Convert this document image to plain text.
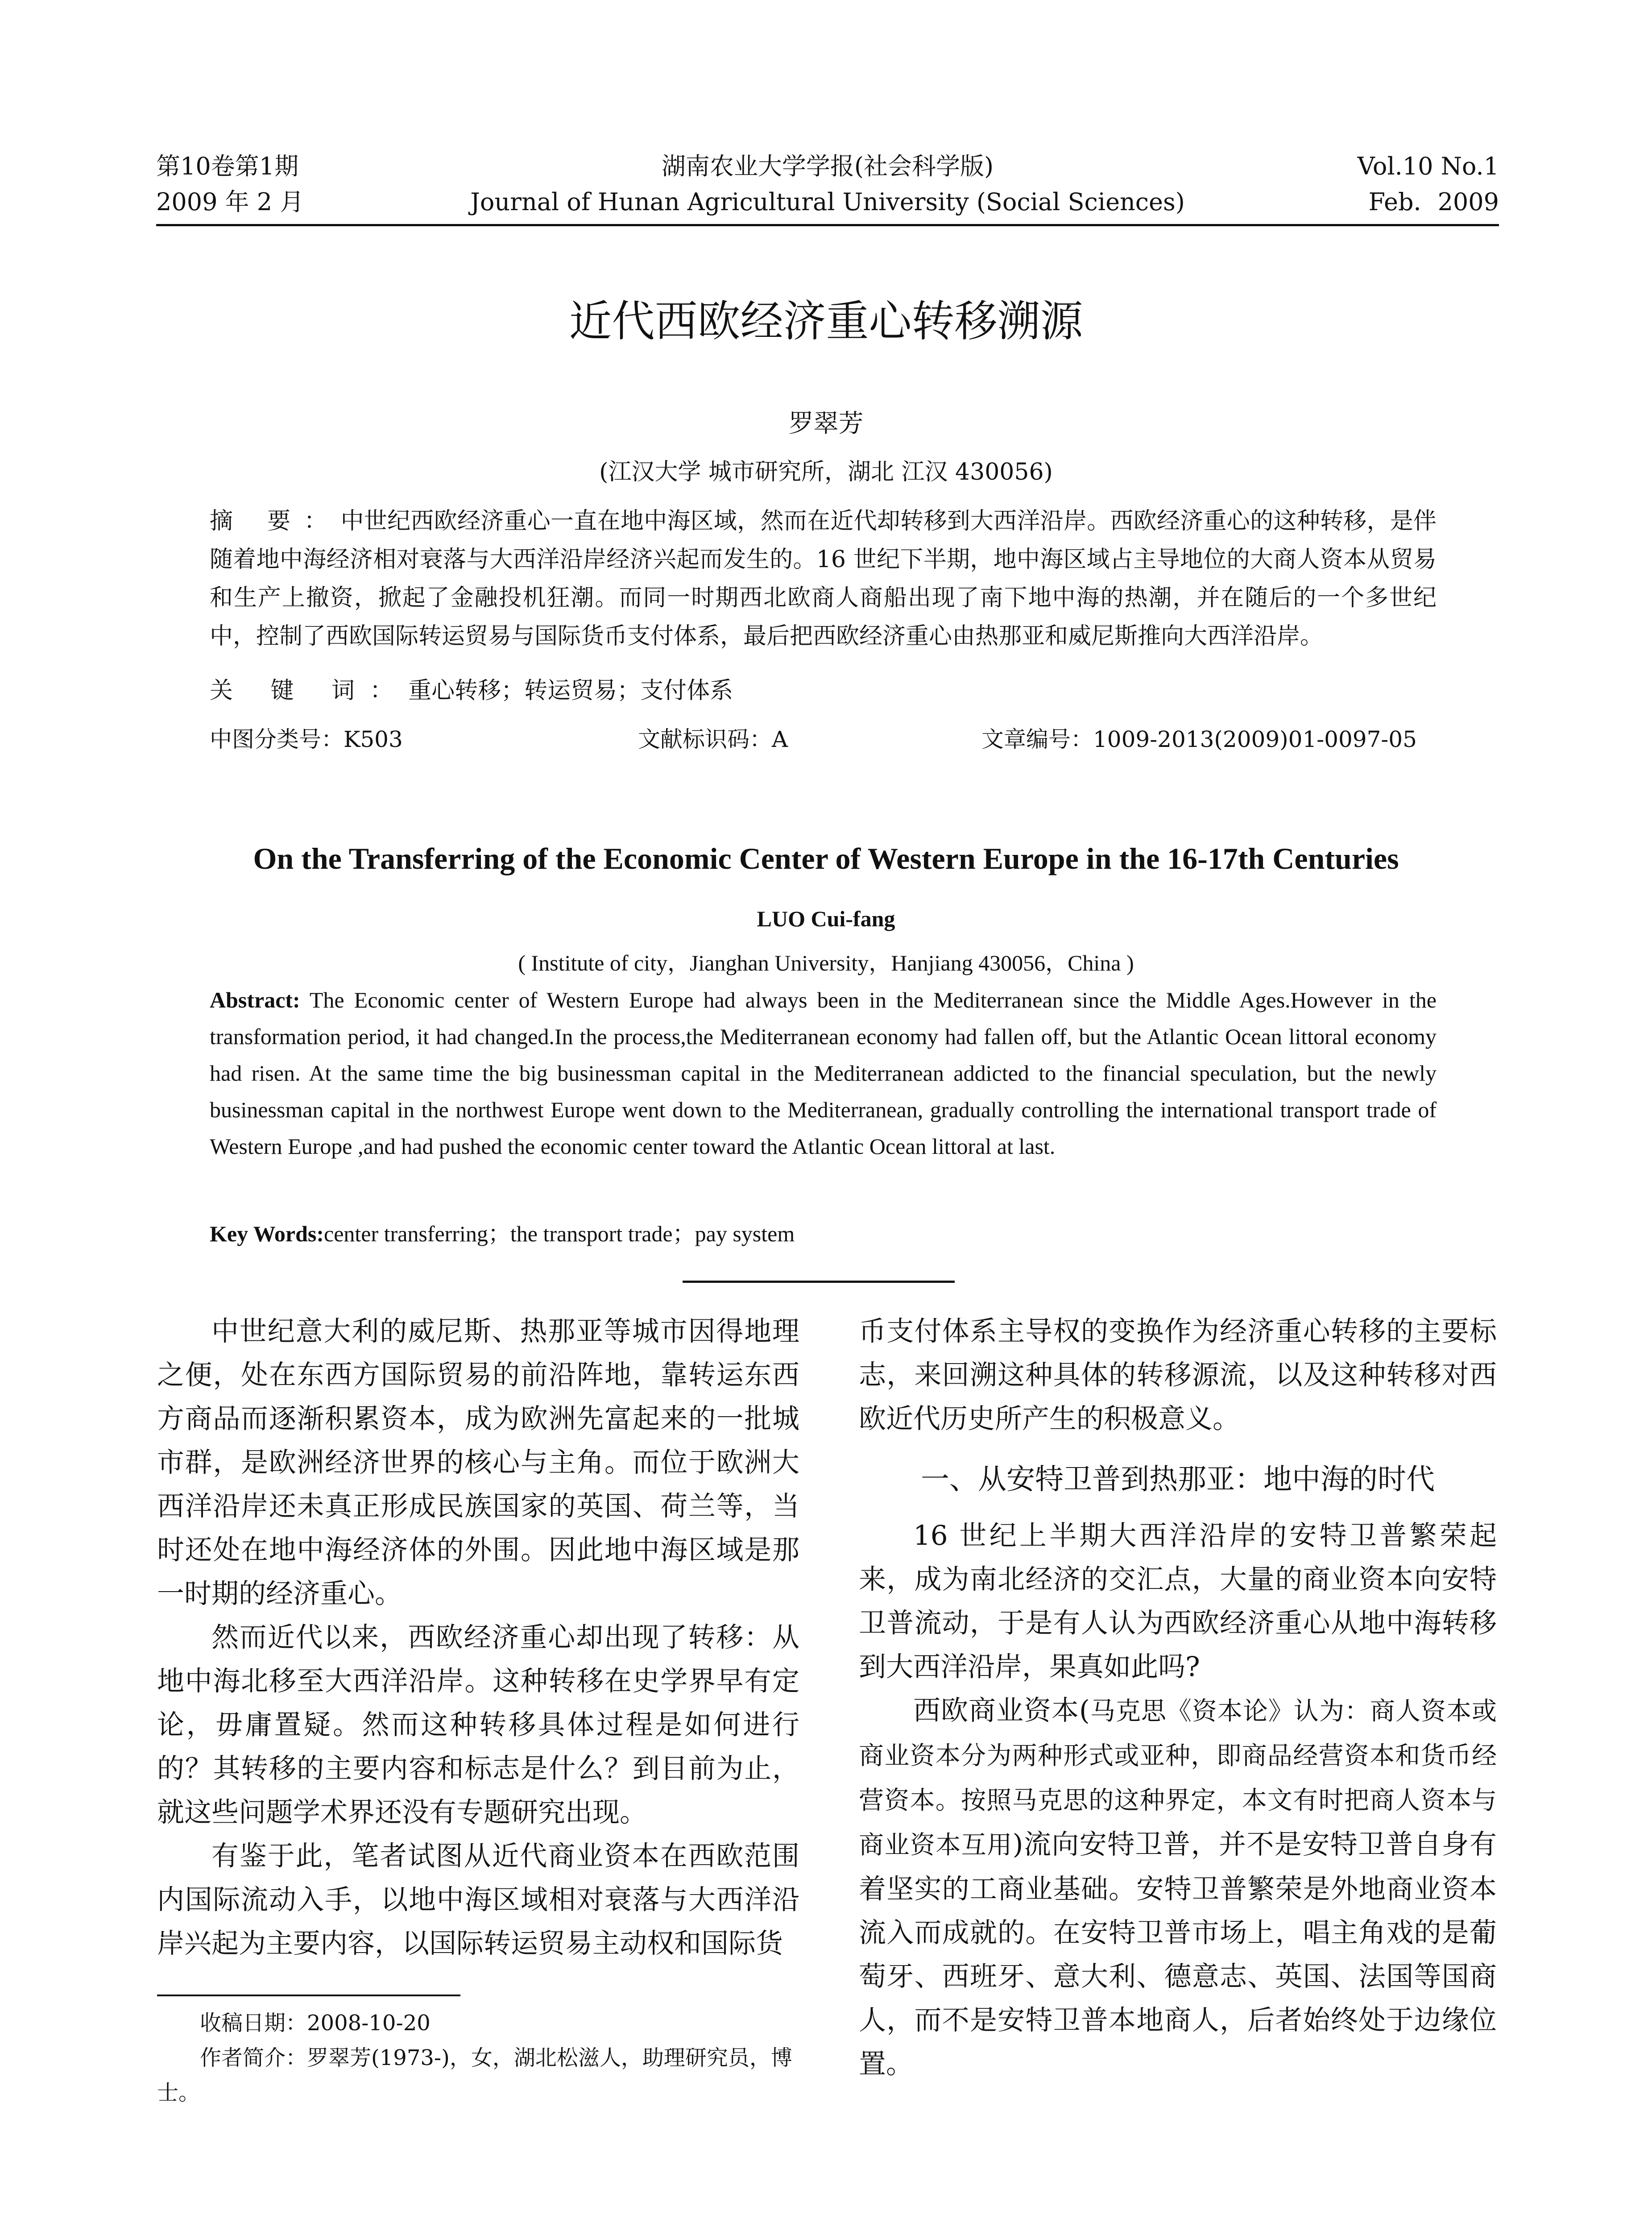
第10卷第1期	湖南农业大学学报(社会科学版)	Vol.10 No.1
2009 年 2 月	Journal of Hunan Agricultural University (Social Sciences)	Feb．2009
近代西欧经济重心转移溯源
罗翠芳
(江汉大学 城市研究所，湖北 江汉 430056)
摘 要：中世纪西欧经济重心一直在地中海区域，然而在近代却转移到大西洋沿岸。西欧经济重心的这种转移，是伴随着地中海经济相对衰落与大西洋沿岸经济兴起而发生的。16 世纪下半期，地中海区域占主导地位的大商人资本从贸易和生产上撤资，掀起了金融投机狂潮。而同一时期西北欧商人商船出现了南下地中海的热潮，并在随后的一个多世纪中，控制了西欧国际转运贸易与国际货币支付体系，最后把西欧经济重心由热那亚和威尼斯推向大西洋沿岸。
关 键 词：重心转移；转运贸易；支付体系
中图分类号：K503	文献标识码：A	文章编号：1009-2013(2009)01-0097-05
On the Transferring of the Economic Center of Western Europe in the 16-17th Centuries
LUO Cui-fang
( Institute of city，Jianghan University，Hanjiang 430056，China )
Abstract: The Economic center of Western Europe had always been in the Mediterranean since the Middle Ages.However in the transformation period, it had changed.In the process,the Mediterranean economy had fallen off, but the Atlantic Ocean littoral economy had risen. At the same time the big businessman capital in the Mediterranean addicted to the financial speculation, but the newly businessman capital in the northwest Europe went down to the Mediterranean, gradually controlling the international transport trade of Western Europe ,and had pushed the economic center toward the Atlantic Ocean littoral at last.
Key Words:center transferring；the transport trade；pay system

中世纪意大利的威尼斯、热那亚等城市因得地理之便，处在东西方国际贸易的前沿阵地，靠转运东西方商品而逐渐积累资本，成为欧洲先富起来的一批城市群，是欧洲经济世界的核心与主角。而位于欧洲大西洋沿岸还未真正形成民族国家的英国、荷兰等，当时还处在地中海经济体的外围。因此地中海区域是那一时期的经济重心。

然而近代以来，西欧经济重心却出现了转移：从地中海北移至大西洋沿岸。这种转移在史学界早有定论，毋庸置疑。然而这种转移具体过程是如何进行的？其转移的主要内容和标志是什么？到目前为止，就这些问题学术界还没有专题研究出现。

有鉴于此，笔者试图从近代商业资本在西欧范围内国际流动入手，以地中海区域相对衰落与大西洋沿岸兴起为主要内容，以国际转运贸易主动权和国际货

币支付体系主导权的变换作为经济重心转移的主要标志，来回溯这种具体的转移源流，以及这种转移对西欧近代历史所产生的积极意义。

一、从安特卫普到热那亚：地中海的时代

16 世纪上半期大西洋沿岸的安特卫普繁荣起来，成为南北经济的交汇点，大量的商业资本向安特卫普流动，于是有人认为西欧经济重心从地中海转移到大西洋沿岸，果真如此吗?

西欧商业资本(马克思《资本论》认为：商人资本或商业资本分为两种形式或亚种，即商品经营资本和货币经营资本。按照马克思的这种界定，本文有时把商人资本与商业资本互用)流向安特卫普，并不是安特卫普自身有着坚实的工商业基础。安特卫普繁荣是外地商业资本流入而成就的。在安特卫普市场上，唱主角戏的是葡萄牙、西班牙、意大利、德意志、英国、法国等国商人，而不是安特卫普本地商人，后者始终处于边缘位置。

收稿日期：2008-10-20

作者简介：罗翠芳(1973-)，女，湖北松滋人，助理研究员，博士。
